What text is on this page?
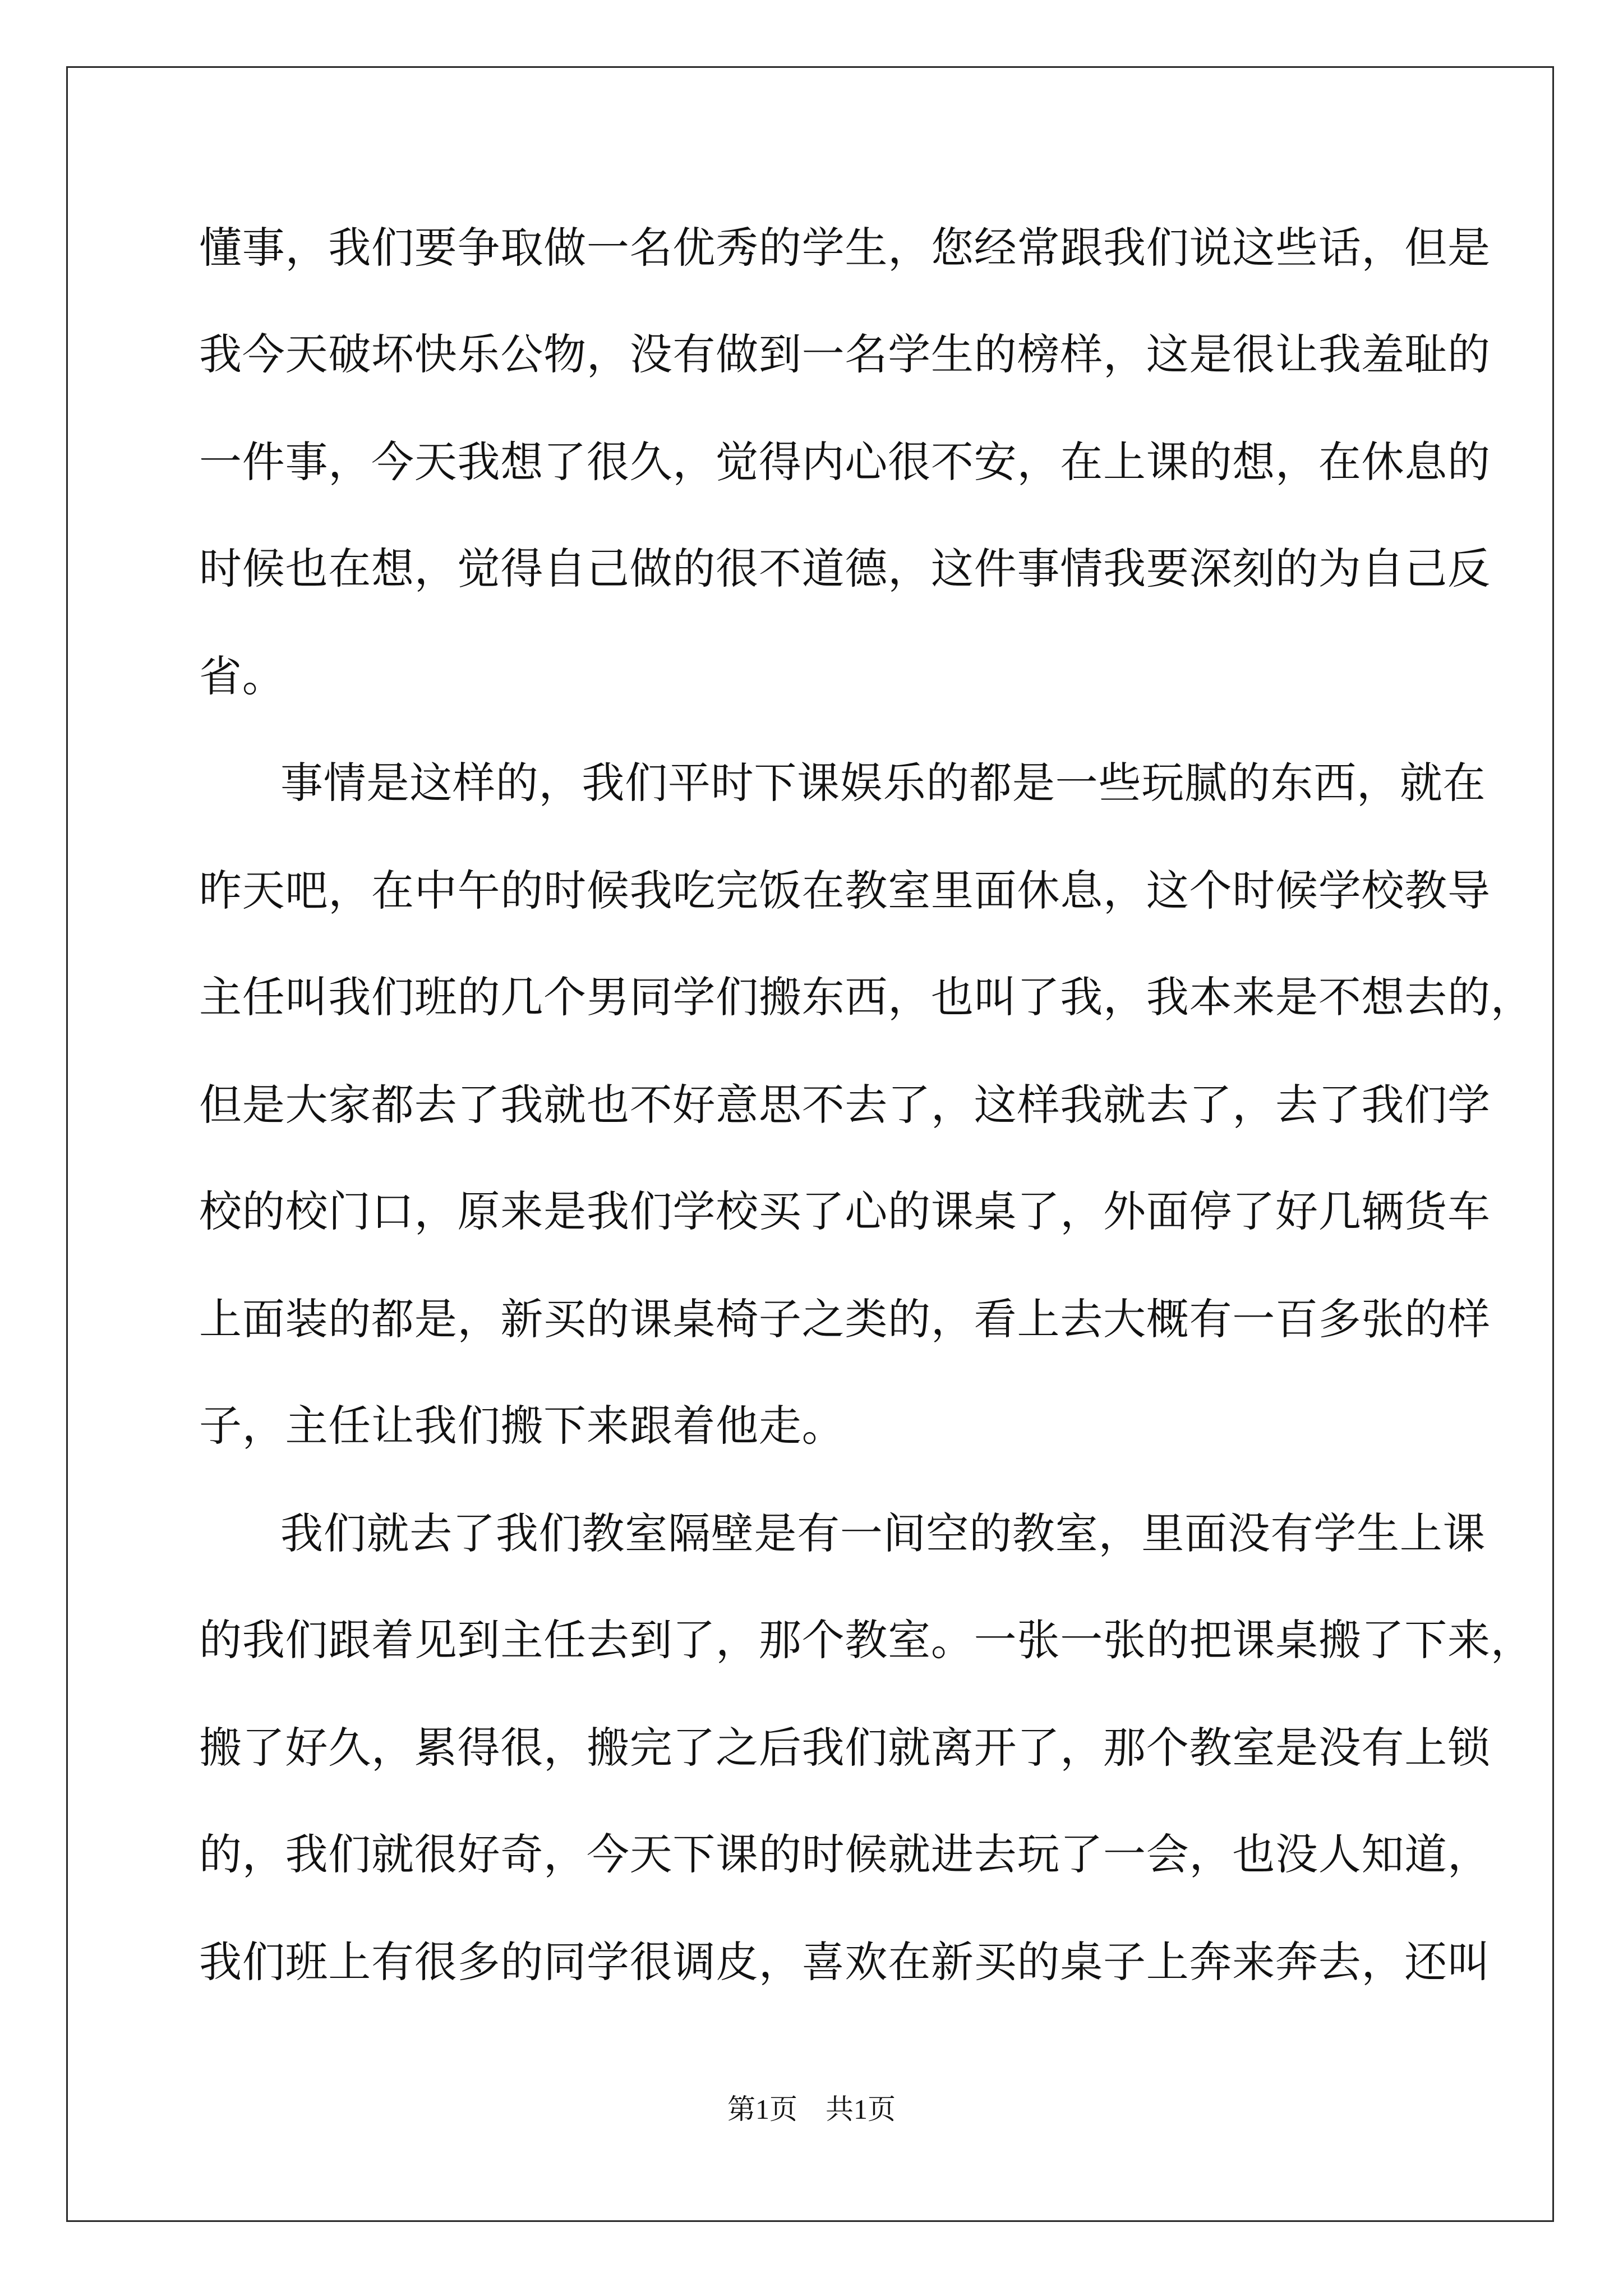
懂事，我们要争取做一名优秀的学生，您经常跟我们说这些话，但是
我今天破坏快乐公物，没有做到一名学生的榜样，这是很让我羞耻的
一件事，今天我想了很久，觉得内心很不安，在上课的想，在休息的
时候也在想，觉得自己做的很不道德，这件事情我要深刻的为自己反
省。
事情是这样的，我们平时下课娱乐的都是一些玩腻的东西，就在
昨天吧，在中午的时候我吃完饭在教室里面休息，这个时候学校教导
主任叫我们班的几个男同学们搬东西，也叫了我，我本来是不想去的，
但是大家都去了我就也不好意思不去了，这样我就去了，去了我们学
校的校门口，原来是我们学校买了心的课桌了，外面停了好几辆货车
上面装的都是，新买的课桌椅子之类的，看上去大概有一百多张的样
子，主任让我们搬下来跟着他走。
我们就去了我们教室隔壁是有一间空的教室，里面没有学生上课
的我们跟着见到主任去到了，那个教室。一张一张的把课桌搬了下来，
搬了好久，累得很，搬完了之后我们就离开了，那个教室是没有上锁
的，我们就很好奇，今天下课的时候就进去玩了一会，也没人知道，
我们班上有很多的同学很调皮，喜欢在新买的桌子上奔来奔去，还叫
第1页　共1页
